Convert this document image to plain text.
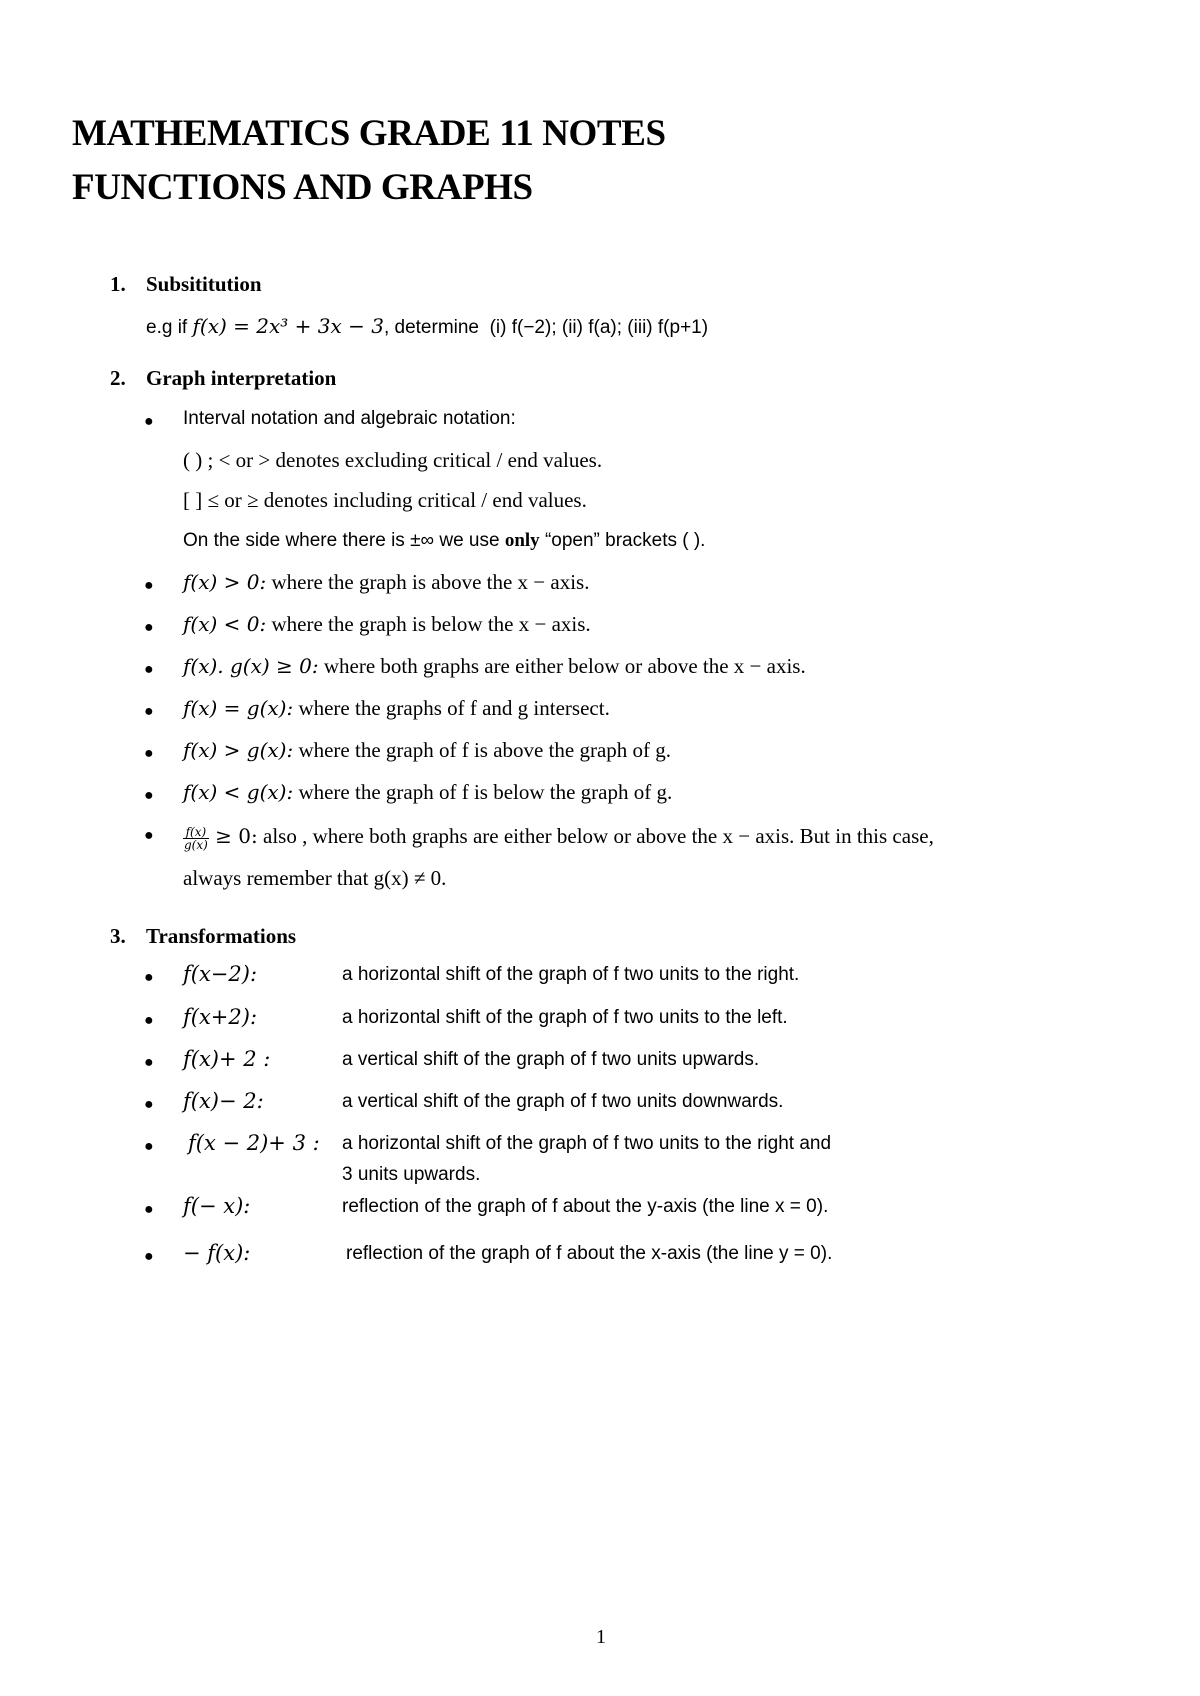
MATHEMATICS GRADE 11 NOTES
FUNCTIONS AND GRAPHS
1. Subsititution
e.g if f(x) = 2x³ + 3x − 3, determine (i) f(−2); (ii) f(a); (iii) f(p+1)
2. Graph interpretation
● Interval notation and algebraic notation:
( ) ; < or > denotes excluding critical / end values.
[ ] ≤ or ≥ denotes including critical / end values.
On the side where there is ±∞ we use only “open” brackets ( ).
● f(x) > 0: where the graph is above the x − axis.
● f(x) < 0: where the graph is below the x − axis.
● f(x). g(x) ≥ 0: where both graphs are either below or above the x − axis.
● f(x) = g(x): where the graphs of f and g intersect.
● f(x) > g(x): where the graph of f is above the graph of g.
● f(x) < g(x): where the graph of f is below the graph of g.
● $\frac{f(x)}{g(x)} \ge 0$: also , where both graphs are either below or above the x − axis. But in this case,
always remember that g(x) ≠ 0.
3. Transformations
● f(x−2):	a horizontal shift of the graph of f two units to the right.
● f(x+2):	a horizontal shift of the graph of f two units to the left.
● f(x)+ 2 :	a vertical shift of the graph of f two units upwards.
● f(x)− 2:	a vertical shift of the graph of f two units downwards.
● f(x − 2)+ 3 : a horizontal shift of the graph of f two units to the right and
3 units upwards.
● f(− x):	reflection of the graph of f about the y-axis (the line x = 0).
● − f(x):	reflection of the graph of f about the x-axis (the line y = 0).
1
